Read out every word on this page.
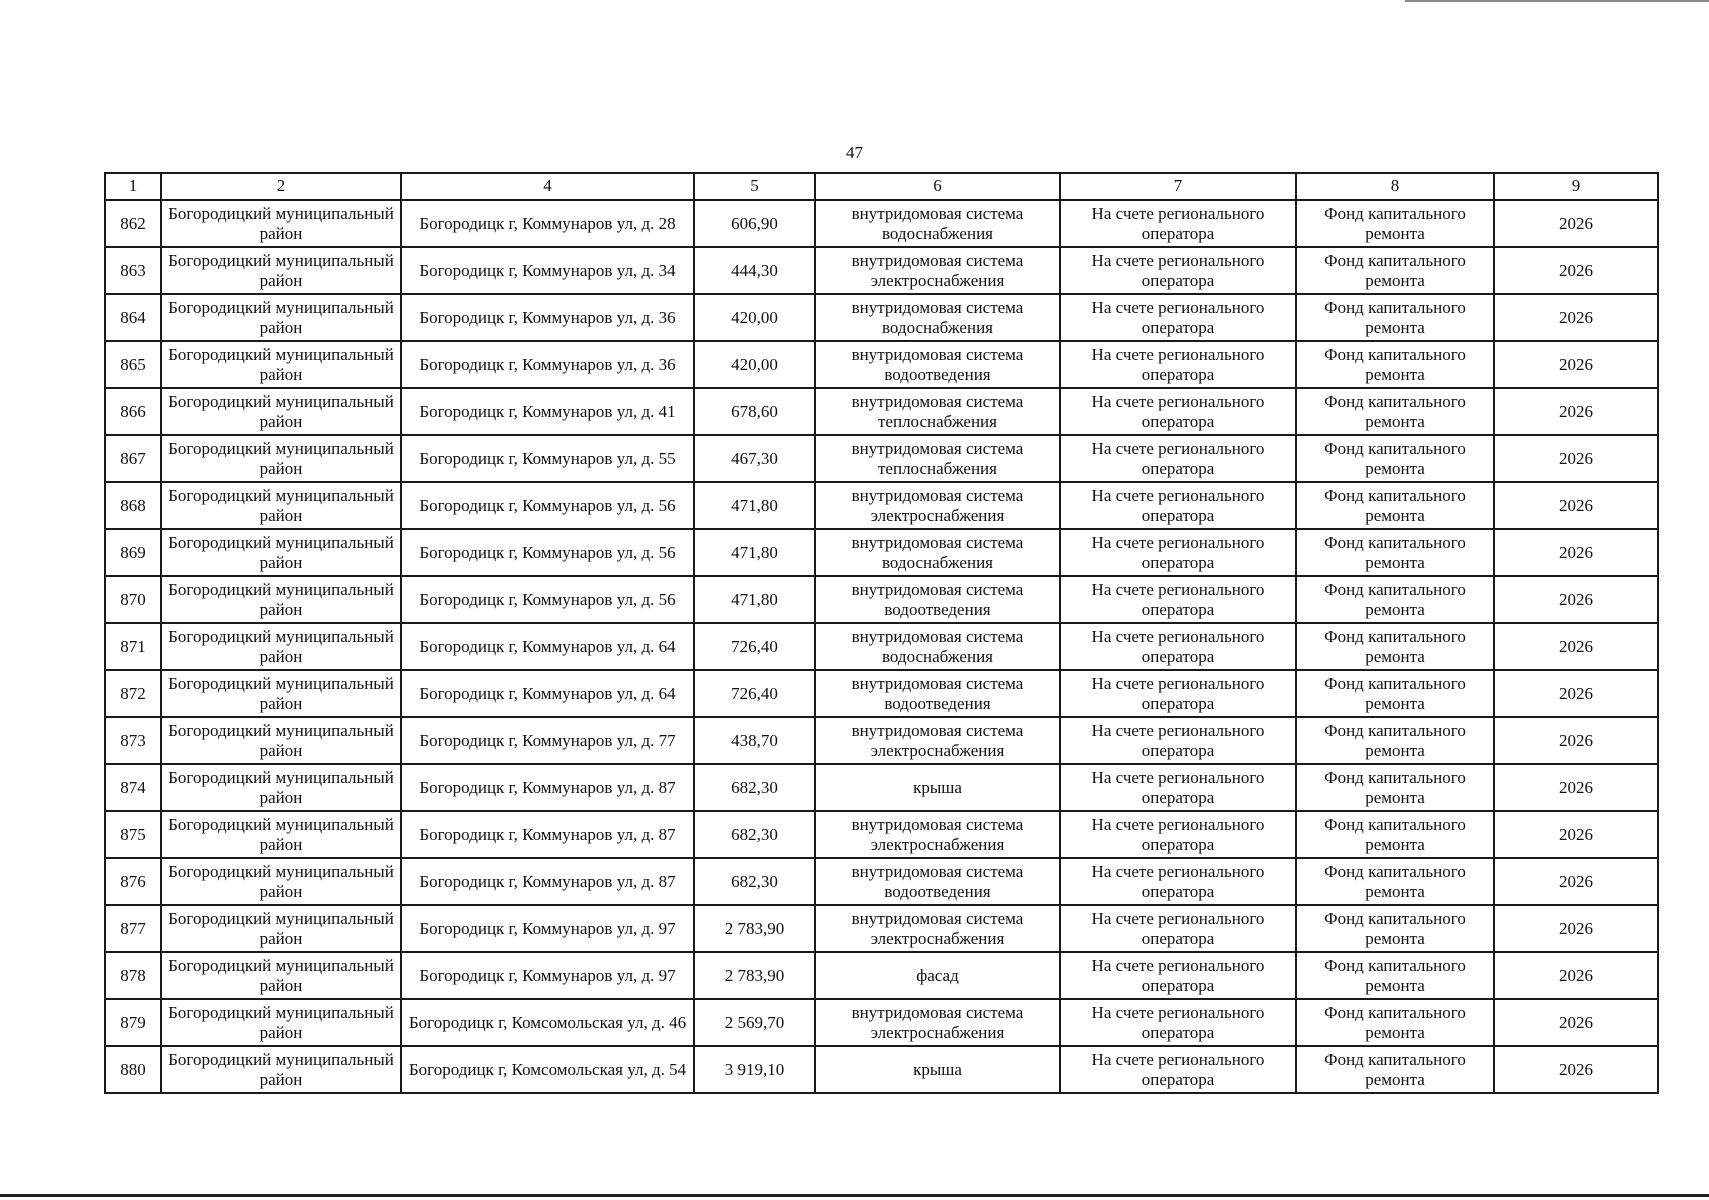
47
1	2	4	5	6	7	8	9
862	Богородицкий муниципальный район	Богородицк г, Коммунаров ул, д. 28	606,90	внутридомовая система водоснабжения	На счете регионального оператора	Фонд капитального ремонта	2026
863	Богородицкий муниципальный район	Богородицк г, Коммунаров ул, д. 34	444,30	внутридомовая система электроснабжения	На счете регионального оператора	Фонд капитального ремонта	2026
864	Богородицкий муниципальный район	Богородицк г, Коммунаров ул, д. 36	420,00	внутридомовая система водоснабжения	На счете регионального оператора	Фонд капитального ремонта	2026
865	Богородицкий муниципальный район	Богородицк г, Коммунаров ул, д. 36	420,00	внутридомовая система водоотведения	На счете регионального оператора	Фонд капитального ремонта	2026
866	Богородицкий муниципальный район	Богородицк г, Коммунаров ул, д. 41	678,60	внутридомовая система теплоснабжения	На счете регионального оператора	Фонд капитального ремонта	2026
867	Богородицкий муниципальный район	Богородицк г, Коммунаров ул, д. 55	467,30	внутридомовая система теплоснабжения	На счете регионального оператора	Фонд капитального ремонта	2026
868	Богородицкий муниципальный район	Богородицк г, Коммунаров ул, д. 56	471,80	внутридомовая система электроснабжения	На счете регионального оператора	Фонд капитального ремонта	2026
869	Богородицкий муниципальный район	Богородицк г, Коммунаров ул, д. 56	471,80	внутридомовая система водоснабжения	На счете регионального оператора	Фонд капитального ремонта	2026
870	Богородицкий муниципальный район	Богородицк г, Коммунаров ул, д. 56	471,80	внутридомовая система водоотведения	На счете регионального оператора	Фонд капитального ремонта	2026
871	Богородицкий муниципальный район	Богородицк г, Коммунаров ул, д. 64	726,40	внутридомовая система водоснабжения	На счете регионального оператора	Фонд капитального ремонта	2026
872	Богородицкий муниципальный район	Богородицк г, Коммунаров ул, д. 64	726,40	внутридомовая система водоотведения	На счете регионального оператора	Фонд капитального ремонта	2026
873	Богородицкий муниципальный район	Богородицк г, Коммунаров ул, д. 77	438,70	внутридомовая система электроснабжения	На счете регионального оператора	Фонд капитального ремонта	2026
874	Богородицкий муниципальный район	Богородицк г, Коммунаров ул, д. 87	682,30	крыша	На счете регионального оператора	Фонд капитального ремонта	2026
875	Богородицкий муниципальный район	Богородицк г, Коммунаров ул, д. 87	682,30	внутридомовая система электроснабжения	На счете регионального оператора	Фонд капитального ремонта	2026
876	Богородицкий муниципальный район	Богородицк г, Коммунаров ул, д. 87	682,30	внутридомовая система водоотведения	На счете регионального оператора	Фонд капитального ремонта	2026
877	Богородицкий муниципальный район	Богородицк г, Коммунаров ул, д. 97	2 783,90	внутридомовая система электроснабжения	На счете регионального оператора	Фонд капитального ремонта	2026
878	Богородицкий муниципальный район	Богородицк г, Коммунаров ул, д. 97	2 783,90	фасад	На счете регионального оператора	Фонд капитального ремонта	2026
879	Богородицкий муниципальный район	Богородицк г, Комсомольская ул, д. 46	2 569,70	внутридомовая система электроснабжения	На счете регионального оператора	Фонд капитального ремонта	2026
880	Богородицкий муниципальный район	Богородицк г, Комсомольская ул, д. 54	3 919,10	крыша	На счете регионального оператора	Фонд капитального ремонта	2026
